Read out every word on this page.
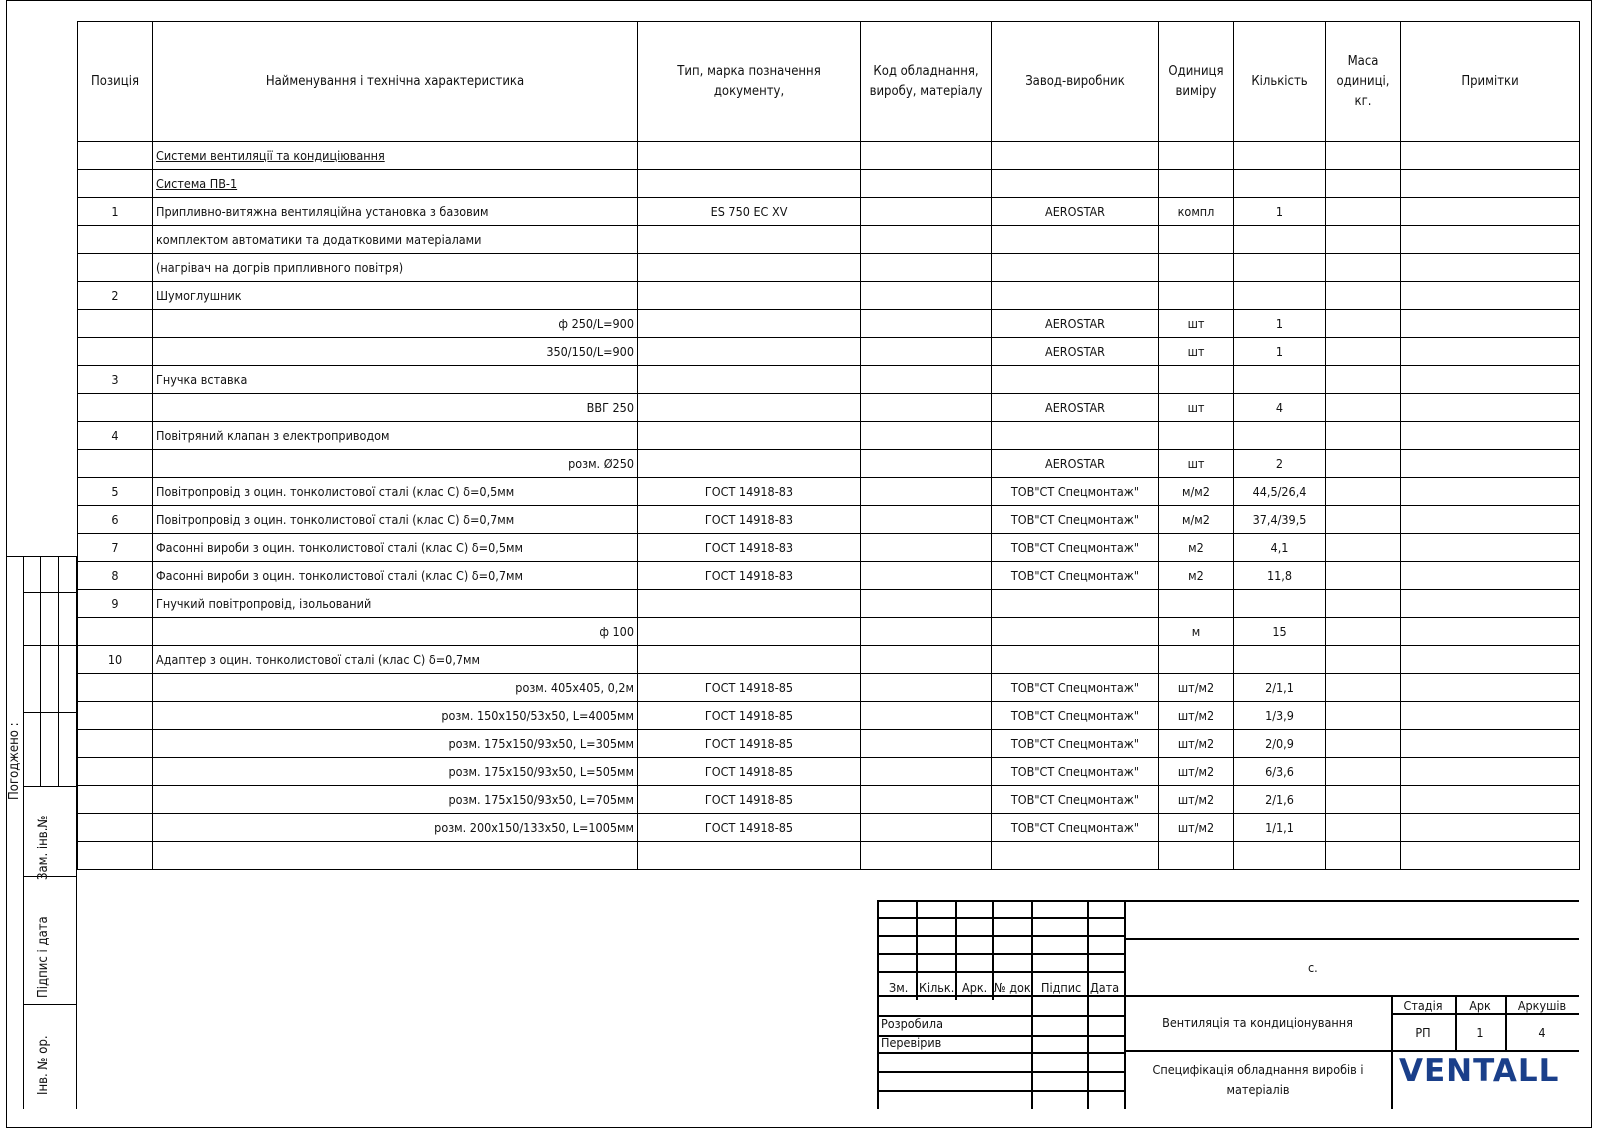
Позиція	Найменування і технічна характеристика	Тип, марка позначення документу,	Код обладнання, виробу, матеріалу	Завод-виробник	Одиниця виміру	Кількість	Маса одиниці, кг.	Примітки
	Системи вентиляції та кондиціювання							
	Система ПВ-1							
1	Припливно-витяжна вентиляційна установка з базовим	ES 750 EC XV		AEROSTAR	компл	1		
	комплектом автоматики та додатковими матеріалами							
	(нагрівач на догрів припливного повітря)							
2	Шумоглушник							
	ф 250/L=900			AEROSTAR	шт	1		
	350/150/L=900			AEROSTAR	шт	1		
3	Гнучка вставка							
	ВВГ 250			AEROSTAR	шт	4		
4	Повітряний клапан з електроприводом							
	розм. Ø250			AEROSTAR	шт	2		
5	Повітропровід з оцин. тонколистової сталі (клас С) δ=0,5мм	ГОСТ 14918-83		ТОВ"СТ Спецмонтаж"	м/м2	44,5/26,4		
6	Повітропровід з оцин. тонколистової сталі (клас С) δ=0,7мм	ГОСТ 14918-83		ТОВ"СТ Спецмонтаж"	м/м2	37,4/39,5		
7	Фасонні вироби з оцин. тонколистової сталі (клас С) δ=0,5мм	ГОСТ 14918-83		ТОВ"СТ Спецмонтаж"	м2	4,1		
8	Фасонні вироби з оцин. тонколистової сталі (клас С) δ=0,7мм	ГОСТ 14918-83		ТОВ"СТ Спецмонтаж"	м2	11,8		
9	Гнучкий повітропровід, ізольований							
	ф 100				м	15		
10	Адаптер з оцин. тонколистової сталі (клас С) δ=0,7мм							
	розм. 405х405, 0,2м	ГОСТ 14918-85		ТОВ"СТ Спецмонтаж"	шт/м2	2/1,1		
	розм. 150х150/53х50, L=4005мм	ГОСТ 14918-85		ТОВ"СТ Спецмонтаж"	шт/м2	1/3,9		
	розм. 175х150/93х50, L=305мм	ГОСТ 14918-85		ТОВ"СТ Спецмонтаж"	шт/м2	2/0,9		
	розм. 175х150/93х50, L=505мм	ГОСТ 14918-85		ТОВ"СТ Спецмонтаж"	шт/м2	6/3,6		
	розм. 175х150/93х50, L=705мм	ГОСТ 14918-85		ТОВ"СТ Спецмонтаж"	шт/м2	2/1,6		
	розм. 200х150/133х50, L=1005мм	ГОСТ 14918-85		ТОВ"СТ Спецмонтаж"	шт/м2	1/1,1		

Погоджено :
Зам. інв.№
Підпис і дата
Інв. № ор.
Зм. Кільк. Арк. № док Підпис Дата
Розробила
Перевірив
с.
Вентиляція та кондиціонування
Специфікація обладнання виробів і матеріалів
Стадія	Арк	Аркушів
РП	1	4
VENTALL
